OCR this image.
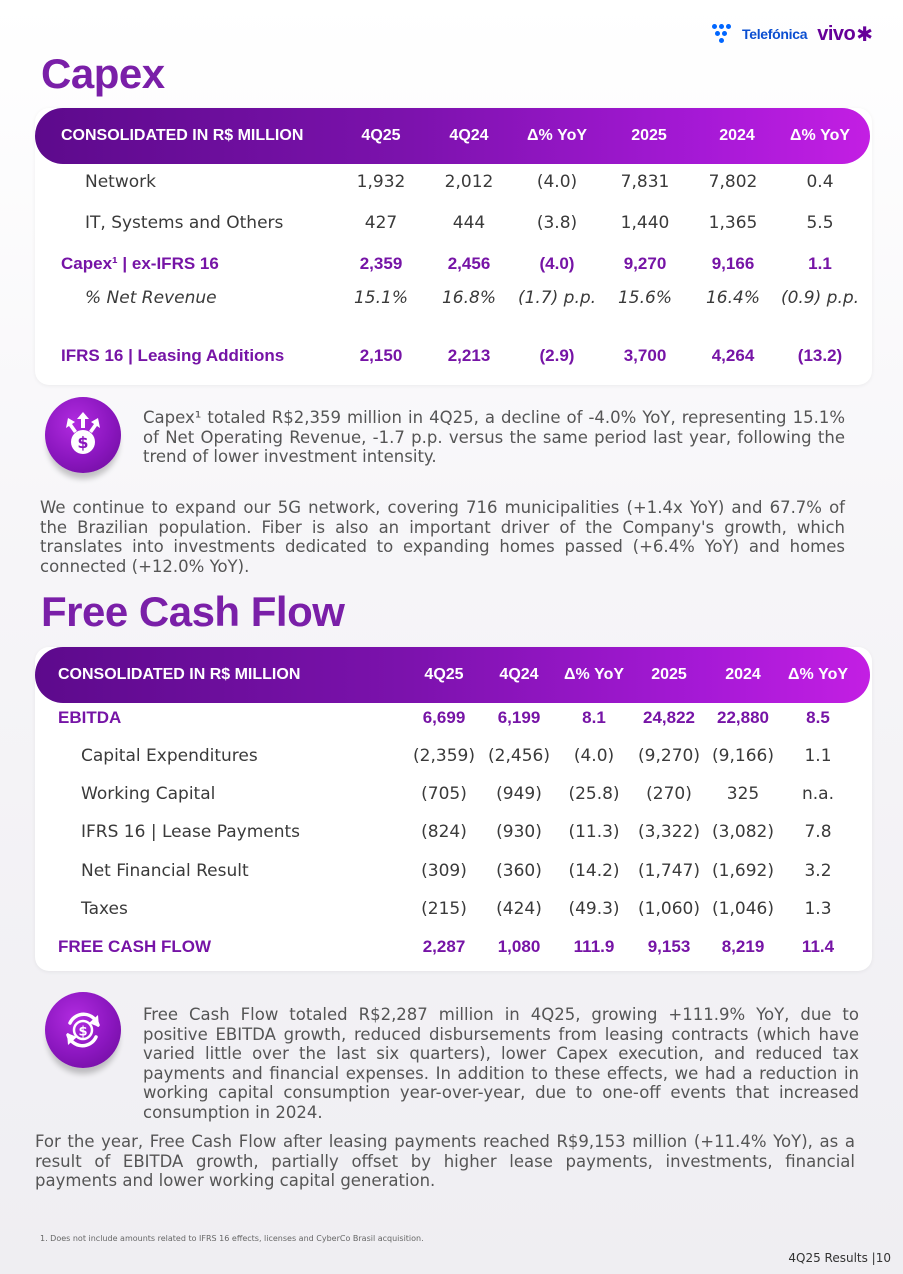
Telefónica vivo ✱
Capex
CONSOLIDATED IN R$ MILLION	4Q25	4Q24 Δ% YoY	2025	2024 Δ% YoY
Network	1,932 2,012	(4.0)	7,831 7,802	0.4
IT, Systems and Others	427	444	(3.8)	1,440 1,365	5.5
Capex¹ | ex-IFRS 16	2,359	2,456	(4.0)	9,270	9,166	1.1
% Net Revenue	15.1% 16.8% (1.7) p.p. 15.6% 16.4% (0.9) p.p.
IFRS 16 | Leasing Additions	2,150	2,213	(2.9)	3,700	4,264	(13.2)
$

Capex¹ totaled R$2,359 million in 4Q25, a decline of -4.0% YoY, representing 15.1% of Net Operating Revenue, -1.7 p.p. versus the same period last year, following the trend of lower investment intensity.

We continue to expand our 5G network, covering 716 municipalities (+1.4x YoY) and 67.7% of the Brazilian population. Fiber is also an important driver of the Company's growth, which translates into investments dedicated to expanding homes passed (+6.4% YoY) and homes connected (+12.0% YoY).

Free Cash Flow
CONSOLIDATED IN R$ MILLION	4Q25 4Q24 Δ% YoY 2025 2024 Δ% YoY
EBITDA	6,699 6,199 8.1 24,822 22,880 8.5
Capital Expenditures	(2,359) (2,456) (4.0) (9,270) (9,166) 1.1
Working Capital	(705) (949) (25.8) (270) 325	n.a.
IFRS 16 | Lease Payments	(824) (930) (11.3) (3,322) (3,082) 7.8
Net Financial Result	(309) (360) (14.2) (1,747) (1,692) 3.2
Taxes	(215) (424) (49.3) (1,060) (1,046) 1.3
FREE CASH FLOW	2,287 1,080 111.9 9,153 8,219 11.4
$

Free Cash Flow totaled R$2,287 million in 4Q25, growing +111.9% YoY, due to positive EBITDA growth, reduced disbursements from leasing contracts (which have varied little over the last six quarters), lower Capex execution, and reduced tax payments and financial expenses. In addition to these effects, we had a reduction in working capital consumption year-over-year, due to one-off events that increased consumption in 2024.

For the year, Free Cash Flow after leasing payments reached R$9,153 million (+11.4% YoY), as a result of EBITDA growth, partially offset by higher lease payments, investments, financial payments and lower working capital generation.

1. Does not include amounts related to IFRS 16 effects, licenses and CyberCo Brasil acquisition.
4Q25 Results |10
